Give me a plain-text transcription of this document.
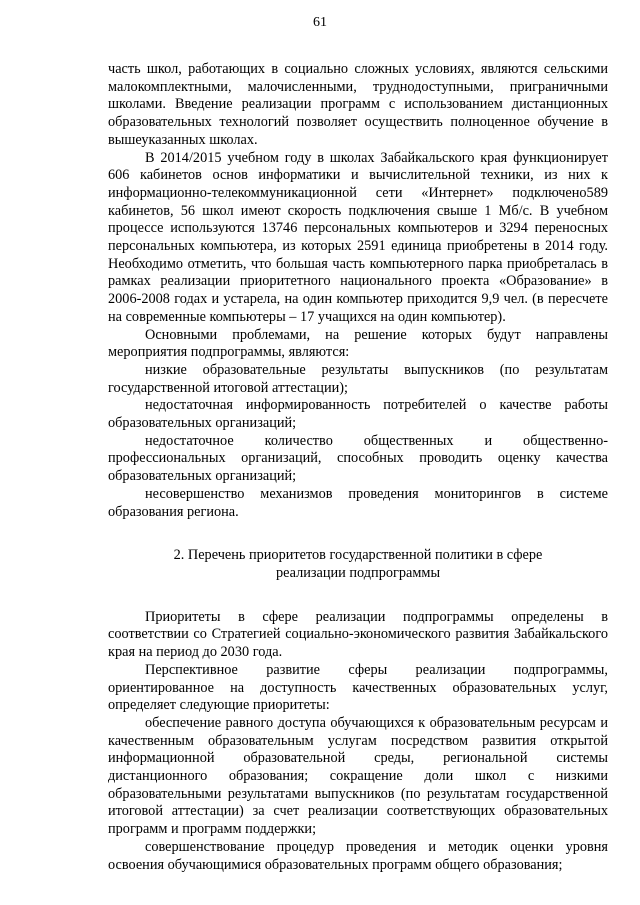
61

часть школ, работающих в социально сложных условиях, являются сельскими малокомплектными, малочисленными, труднодоступными, приграничными школами. Введение реализации программ с использованием дистанционных образовательных технологий позволяет осуществить полноценное обучение в вышеуказанных школах.

В 2014/2015 учебном году в школах Забайкальского края функционирует 606 кабинетов основ информатики и вычислительной техники, из них к информационно-телекоммуникационной сети «Интернет» подключено589 кабинетов, 56 школ имеют скорость подключения свыше 1 Мб/с. В учебном процессе используются 13746 персональных компьютеров и 3294 переносных персональных компьютера, из которых 2591 единица приобретены в 2014 году. Необходимо отметить, что большая часть компьютерного парка приобреталась в рамках реализации приоритетного национального проекта «Образование» в 2006-2008 годах и устарела, на один компьютер приходится 9,9 чел. (в пересчете на современные компьютеры – 17 учащихся на один компьютер).

Основными проблемами, на решение которых будут направлены мероприятия подпрограммы, являются:

низкие образовательные результаты выпускников (по результатам государственной итоговой аттестации);

недостаточная информированность потребителей о качестве работы образовательных организаций;

недостаточное количество общественных и общественно-профессиональных организаций, способных проводить оценку качества образовательных организаций;

несовершенство механизмов проведения мониторингов в системе образования региона.

2. Перечень приоритетов государственной политики в сфере
реализации подпрограммы

Приоритеты в сфере реализации подпрограммы определены в соответствии со Стратегией социально-экономического развития Забайкальского края на период до 2030 года.

Перспективное развитие сферы реализации подпрограммы, ориентированное на доступность качественных образовательных услуг, определяет следующие приоритеты:

обеспечение равного доступа обучающихся к образовательным ресурсам и качественным образовательным услугам посредством развития открытой информационной образовательной среды, региональной системы дистанционного образования; сокращение доли школ с низкими образовательными результатами выпускников (по результатам государственной итоговой аттестации) за счет реализации соответствующих образовательных программ и программ поддержки;

совершенствование процедур проведения и методик оценки уровня освоения обучающимися образовательных программ общего образования;
